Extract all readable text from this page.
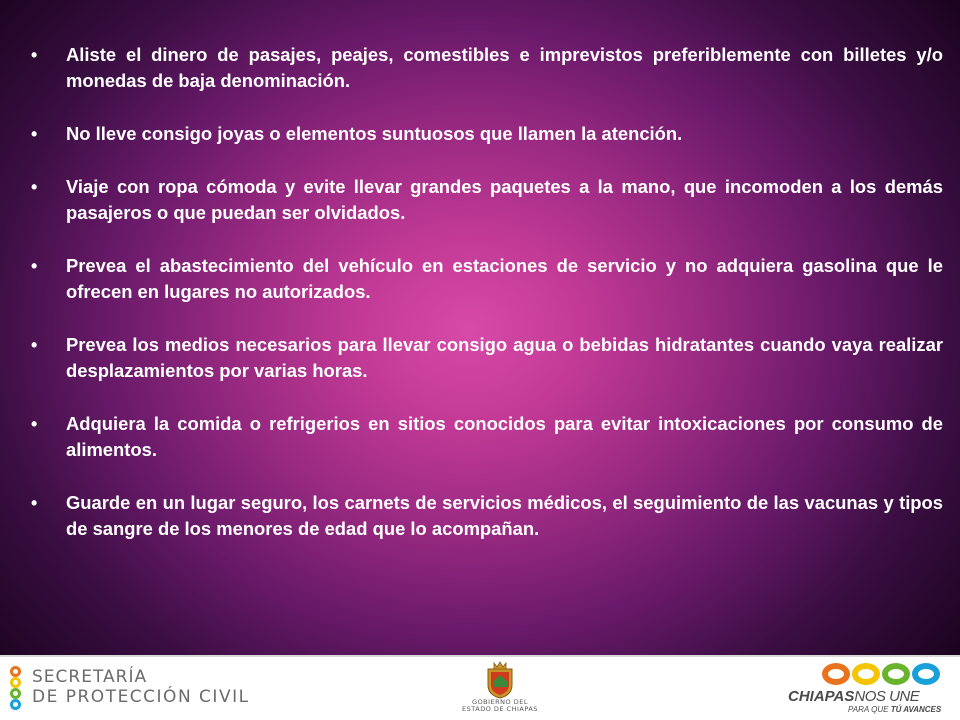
•	Aliste el dinero de pasajes, peajes, comestibles e imprevistos preferiblemente con billetes y/o monedas de baja denominación.
•	No lleve consigo joyas o elementos suntuosos que llamen la atención.
•	Viaje con ropa cómoda y evite llevar grandes paquetes a la mano, que incomoden a los demás pasajeros o que puedan ser olvidados.
•	Prevea el abastecimiento del vehículo en estaciones de servicio y no adquiera gasolina que le ofrecen en lugares no autorizados.
•	Prevea los medios necesarios para llevar consigo agua o bebidas hidratantes cuando vaya realizar desplazamientos por varias horas.
•	Adquiera la comida o refrigerios en sitios conocidos para evitar intoxicaciones por consumo de alimentos.
•	Guarde en un lugar seguro, los carnets de servicios médicos, el seguimiento de las vacunas y tipos de sangre de los menores de edad que lo acompañan.
SECRETARÍA
DE PROTECCIÓN CIVIL	GOBIERNO DEL
ESTADO DE CHIAPAS
CHIAPASNOS UNE
PARA QUE TÚ AVANCES
